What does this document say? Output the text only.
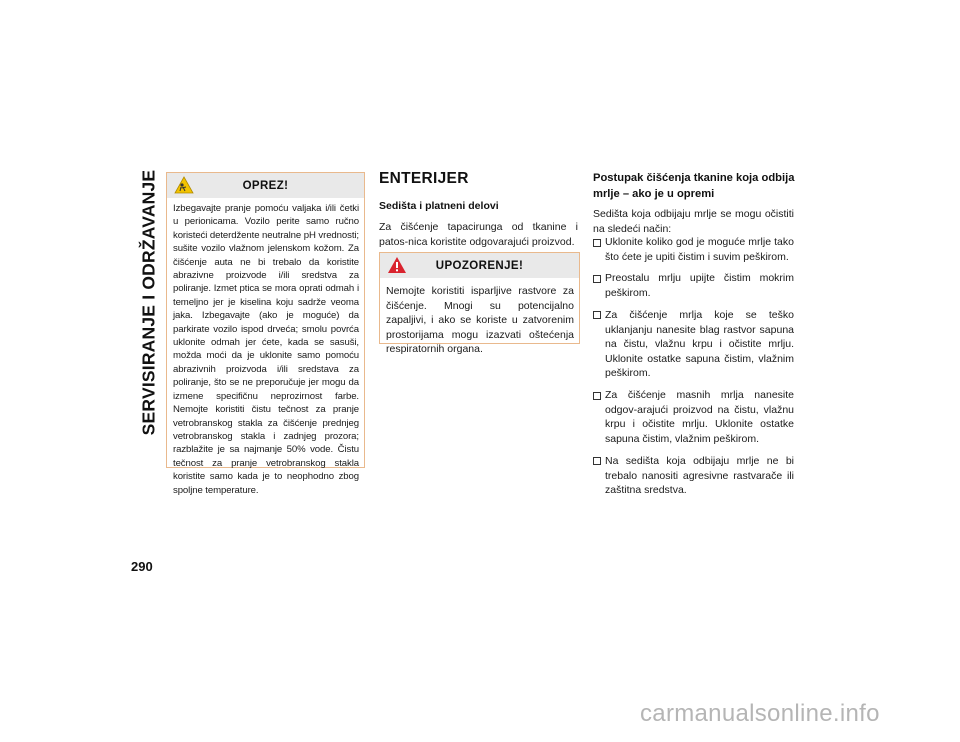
SERVISIRANJE I ODRŽAVANJE
290
OPREZ!
Izbegavajte pranje pomoću valjaka i/ili četki u perionicama. Vozilo perite samo ručno koristeći deterdžente neutralne pH vrednosti; sušite vozilo vlažnom jelenskom kožom. Za čišćenje auta ne bi trebalo da koristite abrazivne proizvode i/ili sredstva za poliranje. Izmet ptica se mora oprati odmah i temeljno jer je kiselina koju sadrže veoma jaka. Izbegavajte (ako je moguće) da parkirate vozilo ispod drveća; smolu povrća uklonite odmah jer ćete, kada se sasuši, možda moći da je uklonite samo pomoću abrazivnih proizvoda i/ili sredstava za poliranje, što se ne preporučuje jer mogu da izmene specifičnu neprozirnost farbe. Nemojte koristiti čistu tečnost za pranje vetrobranskog stakla za čišćenje prednjeg vetrobranskog stakla i zadnjeg prozora; razblažite je sa najmanje 50% vode. Čistu tečnost za pranje vetrobranskog stakla koristite samo kada je to neophodno zbog spoljne temperature.
ENTERIJER
Sedišta i platneni delovi
Za čišćenje tapacirunga od tkanine i patos-nica koristite odgovarajući proizvod.
UPOZORENJE!
Nemojte koristiti isparljive rastvore za čišćenje. Mnogi su potencijalno zapaljivi, i ako se koriste u zatvorenim prostorijama mogu izazvati oštećenja respiratornih organa.
Postupak čišćenja tkanine koja odbija mrlje – ako je u opremi
Sedišta koja odbijaju mrlje se mogu očistiti na sledeći način:
Uklonite koliko god je moguće mrlje tako što ćete je upiti čistim i suvim peškirom.
Preostalu mrlju upijte čistim mokrim peškirom.
Za čišćenje mrlja koje se teško uklanjanju nanesite blag rastvor sapuna na čistu, vlažnu krpu i očistite mrlju. Uklonite ostatke sapuna čistim, vlažnim peškirom.
Za čišćenje masnih mrlja nanesite odgov-arajući proizvod na čistu, vlažnu krpu i očistite mrlju. Uklonite ostatke sapuna čistim, vlažnim peškirom.
Na sedišta koja odbijaju mrlje ne bi trebalo nanositi agresivne rastvarače ili zaštitna sredstva.
carmanualsonline.info
